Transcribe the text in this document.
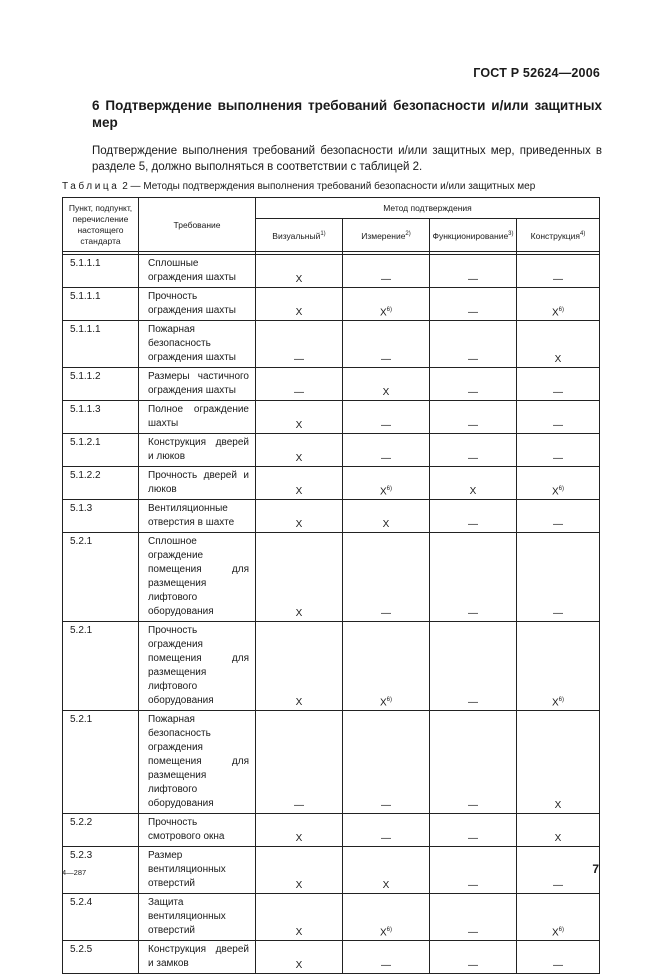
ГОСТ Р 52624—2006
6 Подтверждение выполнения требований безопасности и/или защитных мер
Подтверждение выполнения требований безопасности и/или защитных мер, приведенных в разделе 5, должно выполняться в соответствии с таблицей 2.
Таблица 2 — Методы подтверждения выполнения требований безопасности и/или защитных мер
Пункт, подпункт, перечисление настоящего стандарта	Требование	Метод подтверждения			
		Визуальный$^{1)}$	Измерение$^{2)}$	Функционирование$^{3)}$	Конструкция$^{4)}$

5.1.1.1	Сплошные ограждения шахты	X	—	—	—
5.1.1.1	Прочность ограждения шахты	X	$X^{6)}$	—	$X^{6)}$
5.1.1.1	Пожарная безопасность ограждения шахты	—	—	—	X
5.1.1.2	Размеры частичного ограждения шахты	—	X	—	—
5.1.1.3	Полное ограждение шахты	X	—	—	—
5.1.2.1	Конструкция дверей и люков	X	—	—	—
5.1.2.2	Прочность дверей и люков	X	$X^{6)}$	X	$X^{6)}$
5.1.3	Вентиляционные отверстия в шахте	X	X	—	—
5.2.1	Сплошное ограждение помещения для размещения лифтового оборудования	X	—	—	—
5.2.1	Прочность ограждения помещения для размещения лифтового оборудования	X	$X^{6)}$	—	$X^{6)}$
5.2.1	Пожарная безопасность ограждения помещения для размещения лифтового оборудования	—	—	—	X
5.2.2	Прочность смотрового окна	X	—	—	X
5.2.3	Размер вентиляционных отверстий	X	X	—	—
5.2.4	Защита вентиляционных отверстий	X	$X^{6)}$	—	$X^{6)}$
5.2.5	Конструкция дверей и замков	X	—	—	—
4—287	7
